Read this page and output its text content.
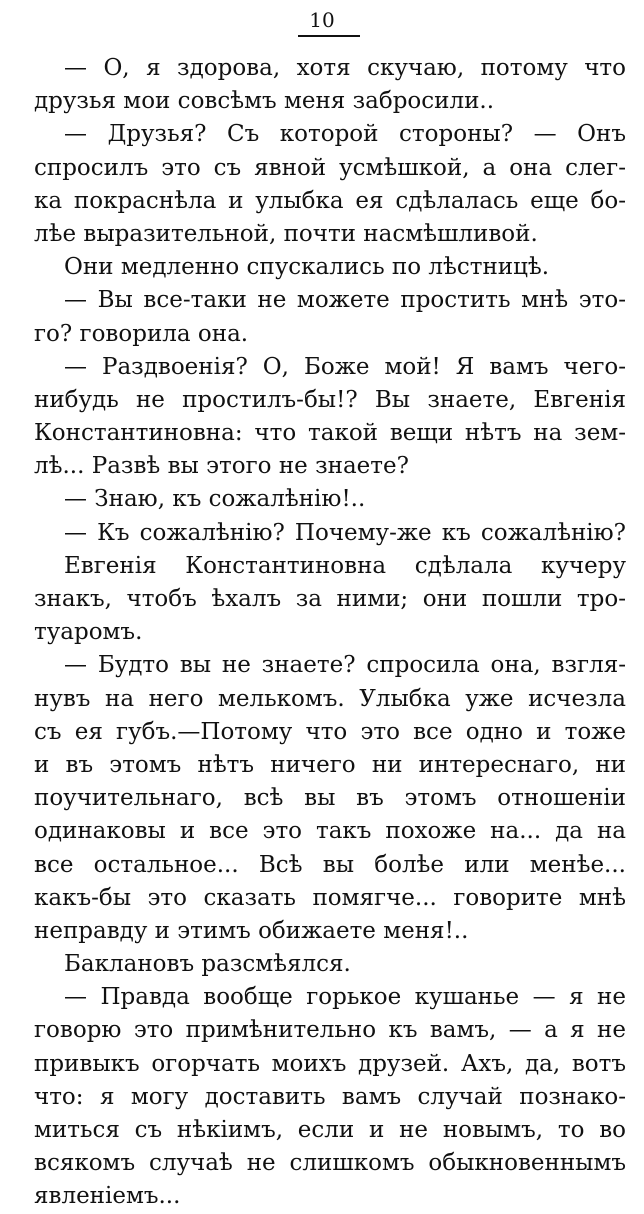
10
— О, я здорова, хотя скучаю, потому что
друзья мои совсѣмъ меня забросили..
— Друзья? Съ которой стороны? — Онъ
спросилъ это съ явной усмѣшкой, а она слег-
ка покраснѣла и улыбка ея сдѣлалась еще бо-
лѣе выразительной, почти насмѣшливой.
Они медленно спускались по лѣстницѣ.
— Вы все-таки не можете простить мнѣ это-
го? говорила она.
— Раздвоенія? О, Боже мой! Я вамъ чего-
нибудь не простилъ-бы!? Вы знаете, Евгенія
Константиновна: что такой вещи нѣтъ на зем-
лѣ... Развѣ вы этого не знаете?
— Знаю, къ сожалѣнію!..
— Къ сожалѣнію? Почему-же къ сожалѣнію?
Евгенія Константиновна сдѣлала кучеру
знакъ, чтобъ ѣхалъ за ними; они пошли тро-
туаромъ.
— Будто вы не знаете? спросила она, взгля-
нувъ на него мелькомъ. Улыбка уже исчезла
съ ея губъ.—Потому что это все одно и тоже
и въ этомъ нѣтъ ничего ни интереснаго, ни
поучительнаго, всѣ вы въ этомъ отношеніи
одинаковы и все это такъ похоже на... да на
все остальное... Всѣ вы болѣе или менѣе...
какъ-бы это сказать помягче... говорите мнѣ
неправду и этимъ обижаете меня!..
Баклановъ разсмѣялся.
— Правда вообще горькое кушанье — я не
говорю это примѣнительно къ вамъ, — а я не
привыкъ огорчать моихъ друзей. Ахъ, да, вотъ
что: я могу доставить вамъ случай познако-
миться съ нѣкіимъ, если и не новымъ, то во
всякомъ случаѣ не слишкомъ обыкновеннымъ
явленіемъ...
